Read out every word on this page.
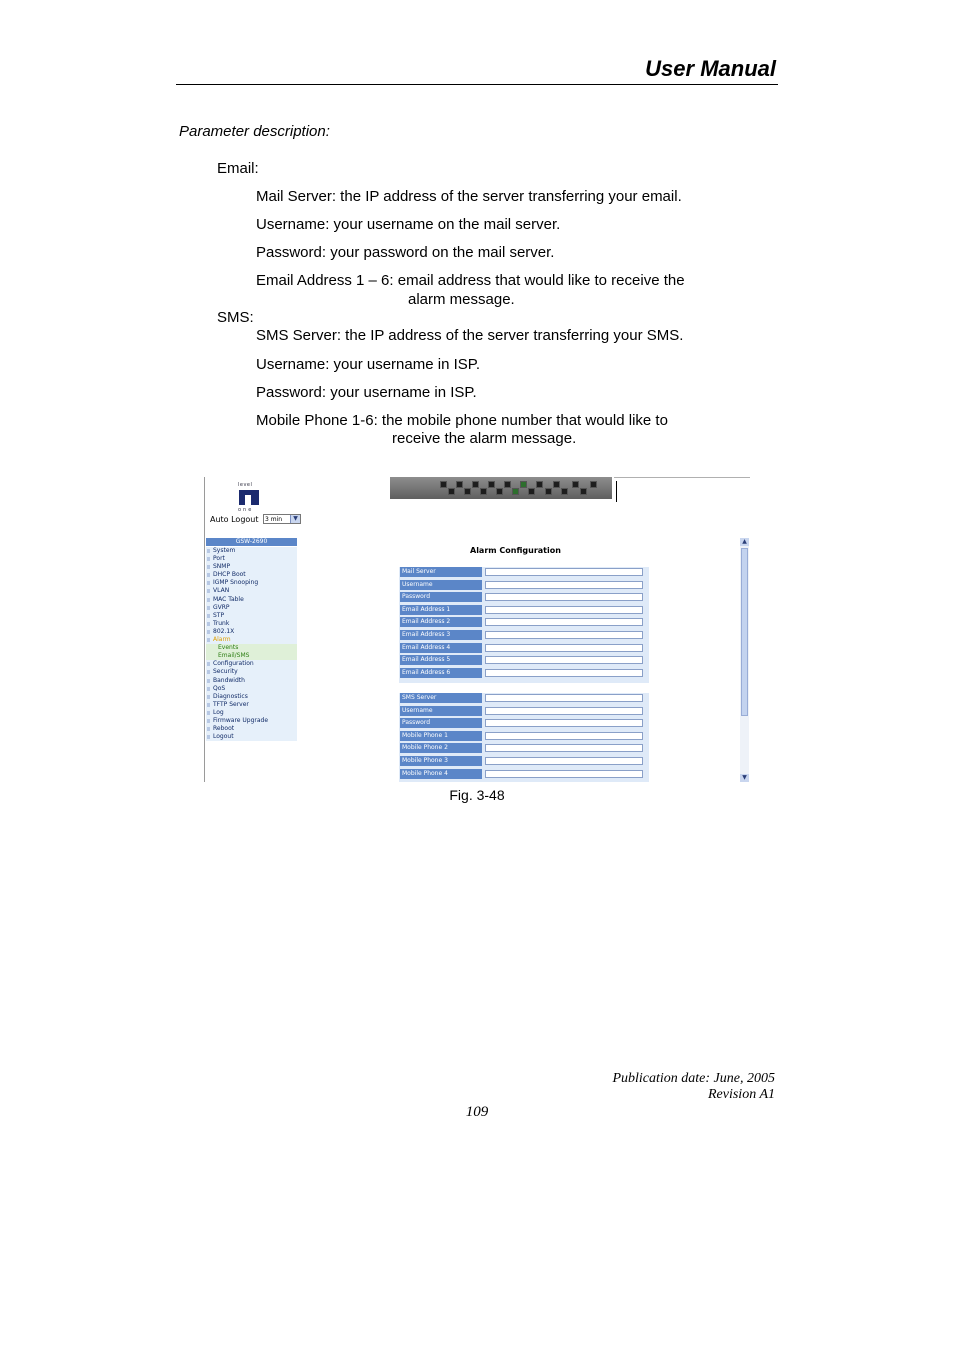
User Manual
Parameter description:
Email:
Mail Server: the IP address of the server transferring your email.
Username: your username on the mail server.
Password: your password on the mail server.
Email Address 1 – 6: email address that would like to receive the
alarm message.
SMS:
SMS Server: the IP address of the server transferring your SMS.
Username: your username in ISP.
Password: your username in ISP.
Mobile Phone 1-6: the mobile phone number that would like to
receive the alarm message.
level
one
Auto Logout	3 min	▼
GSW-2690
System
Port
SNMP
DHCP Boot
IGMP Snooping
VLAN
MAC Table
GVRP
STP
Trunk
802.1X
Alarm
Events
Email/SMS
Configuration
Security
Bandwidth
QoS
Diagnostics
TFTP Server
Log
Firmware Upgrade
Reboot
Logout
Alarm Configuration
Mail Server
Username
Password
Email Address 1
Email Address 2
Email Address 3
Email Address 4
Email Address 5
Email Address 6
SMS Server
Username
Password
Mobile Phone 1
Mobile Phone 2
Mobile Phone 3
Mobile Phone 4
▲
▼
Fig. 3-48
Publication date: June, 2005
Revision A1
109
